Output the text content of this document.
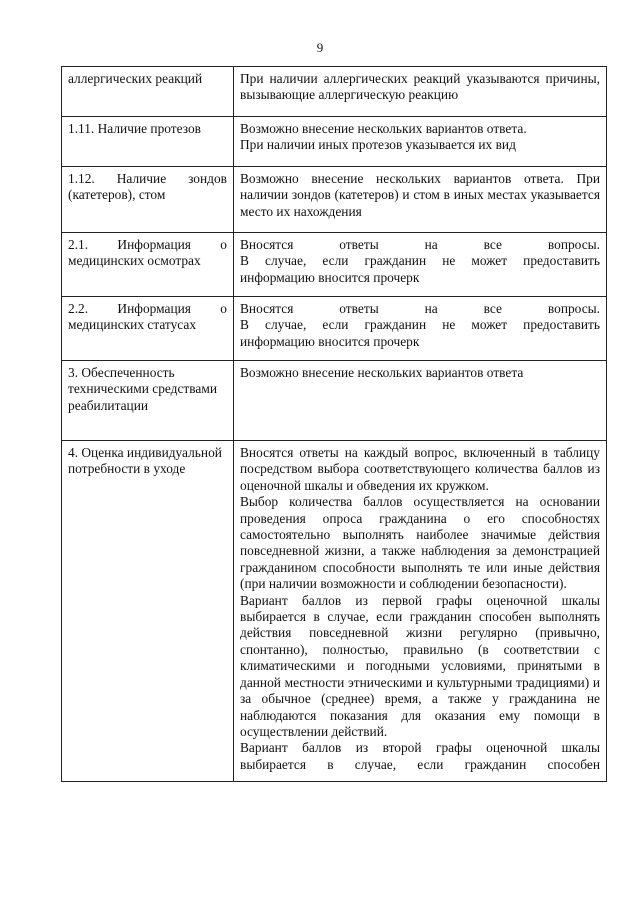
9
аллергических реакций	При наличии аллергических реакций указываются причины, вызывающие аллергическую реакцию

1.11. Наличие протезов	Возможно внесение нескольких вариантов ответа.
При наличии иных протезов указывается их вид

1.12. Наличие зондов (катетеров), стом	Возможно внесение нескольких вариантов ответа. При наличии зондов (катетеров) и стом в иных местах указывается место их нахождения

2.1. Информация о медицинских осмотрах	Вносятся ответы на все вопросы.
В случае, если гражданин не может предоставить информацию вносится прочерк

2.2. Информация о медицинских статусах	Вносятся ответы на все вопросы.
В случае, если гражданин не может предоставить информацию вносится прочерк

3. Обеспеченность техническими средствами реабилитации	Возможно внесение нескольких вариантов ответа

4. Оценка индивидуальной потребности в уходе	Вносятся ответы на каждый вопрос, включенный в таблицу посредством выбора соответствующего количества баллов из оценочной шкалы и обведения их кружком.
Выбор количества баллов осуществляется на основании проведения опроса гражданина о его способностях самостоятельно выполнять наиболее значимые действия повседневной жизни, а также наблюдения за демонстрацией гражданином способности выполнять те или иные действия (при наличии возможности и соблюдении безопасности).
Вариант баллов из первой графы оценочной шкалы выбирается в случае, если гражданин способен выполнять действия повседневной жизни регулярно (привычно, спонтанно), полностью, правильно (в соответствии с климатическими и погодными условиями, принятыми в данной местности этническими и культурными традициями) и за обычное (среднее) время, а также у гражданина не наблюдаются показания для оказания ему помощи в осуществлении действий.
Вариант баллов из второй графы оценочной шкалы выбирается в случае, если гражданин способен
